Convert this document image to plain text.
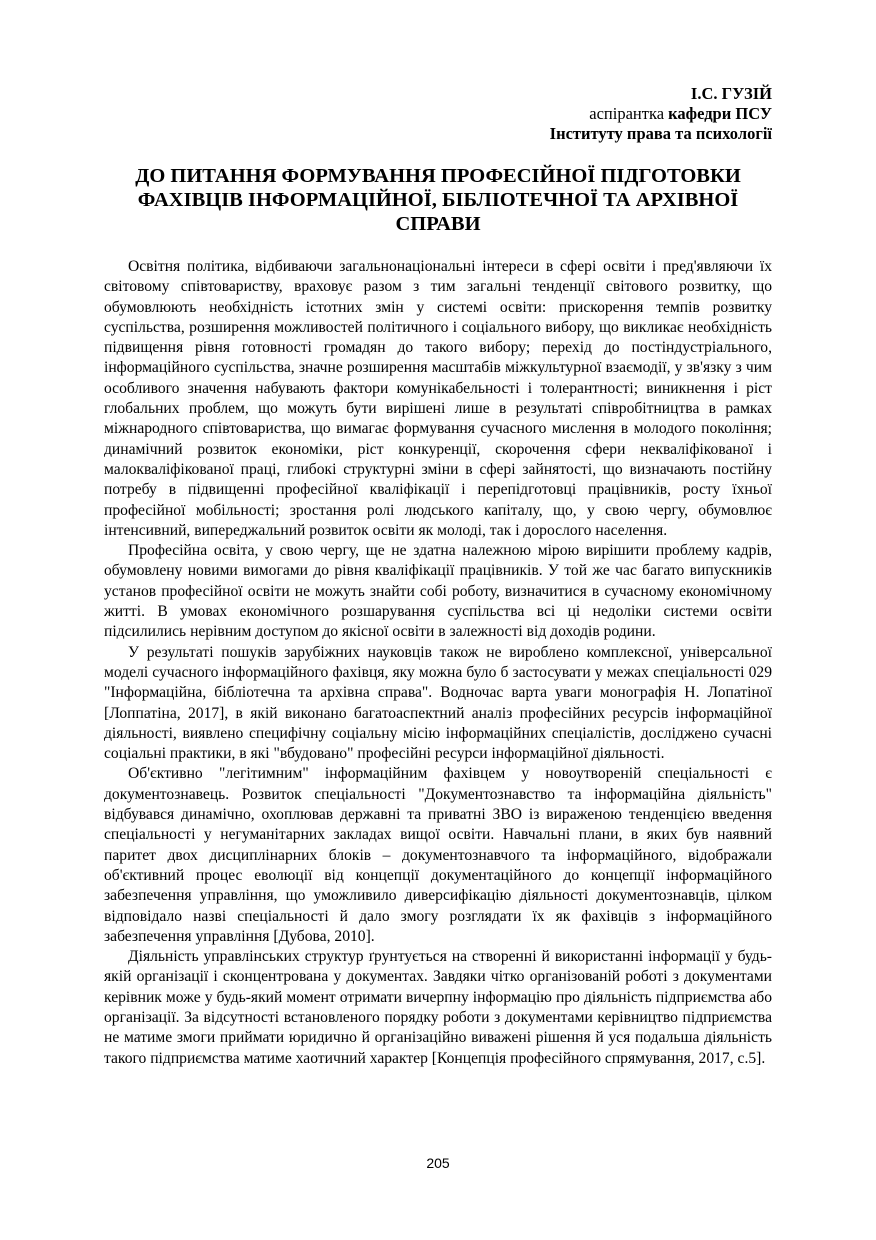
І.С. ГУЗІЙ
аспірантка кафедри ПСУ
Інституту права та психології
ДО ПИТАННЯ ФОРМУВАННЯ ПРОФЕСІЙНОЇ ПІДГОТОВКИ
ФАХІВЦІВ ІНФОРМАЦІЙНОЇ, БІБЛІОТЕЧНОЇ ТА АРХІВНОЇ
СПРАВИ

Освітня політика, відбиваючи загальнонаціональні інтереси в сфері освіти і пред'являючи їх світовому співтовариству, враховує разом з тим загальні тенденції світового розвитку, що обумовлюють необхідність істотних змін у системі освіти: прискорення темпів розвитку суспільства, розширення можливостей політичного і соціального вибору, що викликає необхідність підвищення рівня готовності громадян до такого вибору; перехід до постіндустріального, інформаційного суспільства, значне розширення масштабів міжкультурної взаємодії, у зв'язку з чим особливого значення набувають фактори комунікабельності і толерантності; виникнення і ріст глобальних проблем, що можуть бути вирішені лише в результаті співробітництва в рамках міжнародного співтовариства, що вимагає формування сучасного мислення в молодого покоління; динамічний розвиток економіки, ріст конкуренції, скорочення сфери некваліфікованої і малокваліфікованої праці, глибокі структурні зміни в сфері зайнятості, що визначають постійну потребу в підвищенні професійної кваліфікації і перепідготовці працівників, росту їхньої професійної мобільності; зростання ролі людського капіталу, що, у свою чергу, обумовлює інтенсивний, випереджальний розвиток освіти як молоді, так і дорослого населення.

Професійна освіта, у свою чергу, ще не здатна належною мірою вирішити проблему кадрів, обумовлену новими вимогами до рівня кваліфікації працівників. У той же час багато випускників установ професійної освіти не можуть знайти собі роботу, визначитися в сучасному економічному житті. В умовах економічного розшарування суспільства всі ці недоліки системи освіти підсилились нерівним доступом до якісної освіти в залежності від доходів родини.

У результаті пошуків зарубіжних науковців також не вироблено комплексної, універсальної моделі сучасного інформаційного фахівця, яку можна було б застосувати у межах спеціальності 029 "Інформаційна, бібліотечна та архівна справа". Водночас варта уваги монографія Н. Лопатіної [Лоппатіна, 2017], в якій виконано багатоаспектний аналіз професійних ресурсів інформаційної діяльності, виявлено специфічну соціальну місію інформаційних спеціалістів, досліджено сучасні соціальні практики, в які "вбудовано" професійні ресурси інформаційної діяльності.

Об'єктивно "легітимним" інформаційним фахівцем у новоутвореній спеціальності є документознавець. Розвиток спеціальності "Документознавство та інформаційна діяльність" відбувався динамічно, охоплював державні та приватні ЗВО із вираженою тенденцією введення спеціальності у негуманітарних закладах вищої освіти. Навчальні плани, в яких був наявний паритет двох дисциплінарних блоків – документознавчого та інформаційного, відображали об'єктивний процес еволюції від концепції документаційного до концепції інформаційного забезпечення управління, що уможливило диверсифікацію діяльності документознавців, цілком відповідало назві спеціальності й дало змогу розглядати їх як фахівців з інформаційного забезпечення управління [Дубова, 2010].

Діяльність управлінських структур ґрунтується на створенні й використанні інформації у будь-якій організації і сконцентрована у документах. Завдяки чітко організованій роботі з документами керівник може у будь-який момент отримати вичерпну інформацію про діяльність підприємства або організації. За відсутності встановленого порядку роботи з документами керівництво підприємства не матиме змоги приймати юридично й організаційно виважені рішення й уся подальша діяльність такого підприємства матиме хаотичний характер [Концепція професійного спрямування, 2017, с.5].

205
